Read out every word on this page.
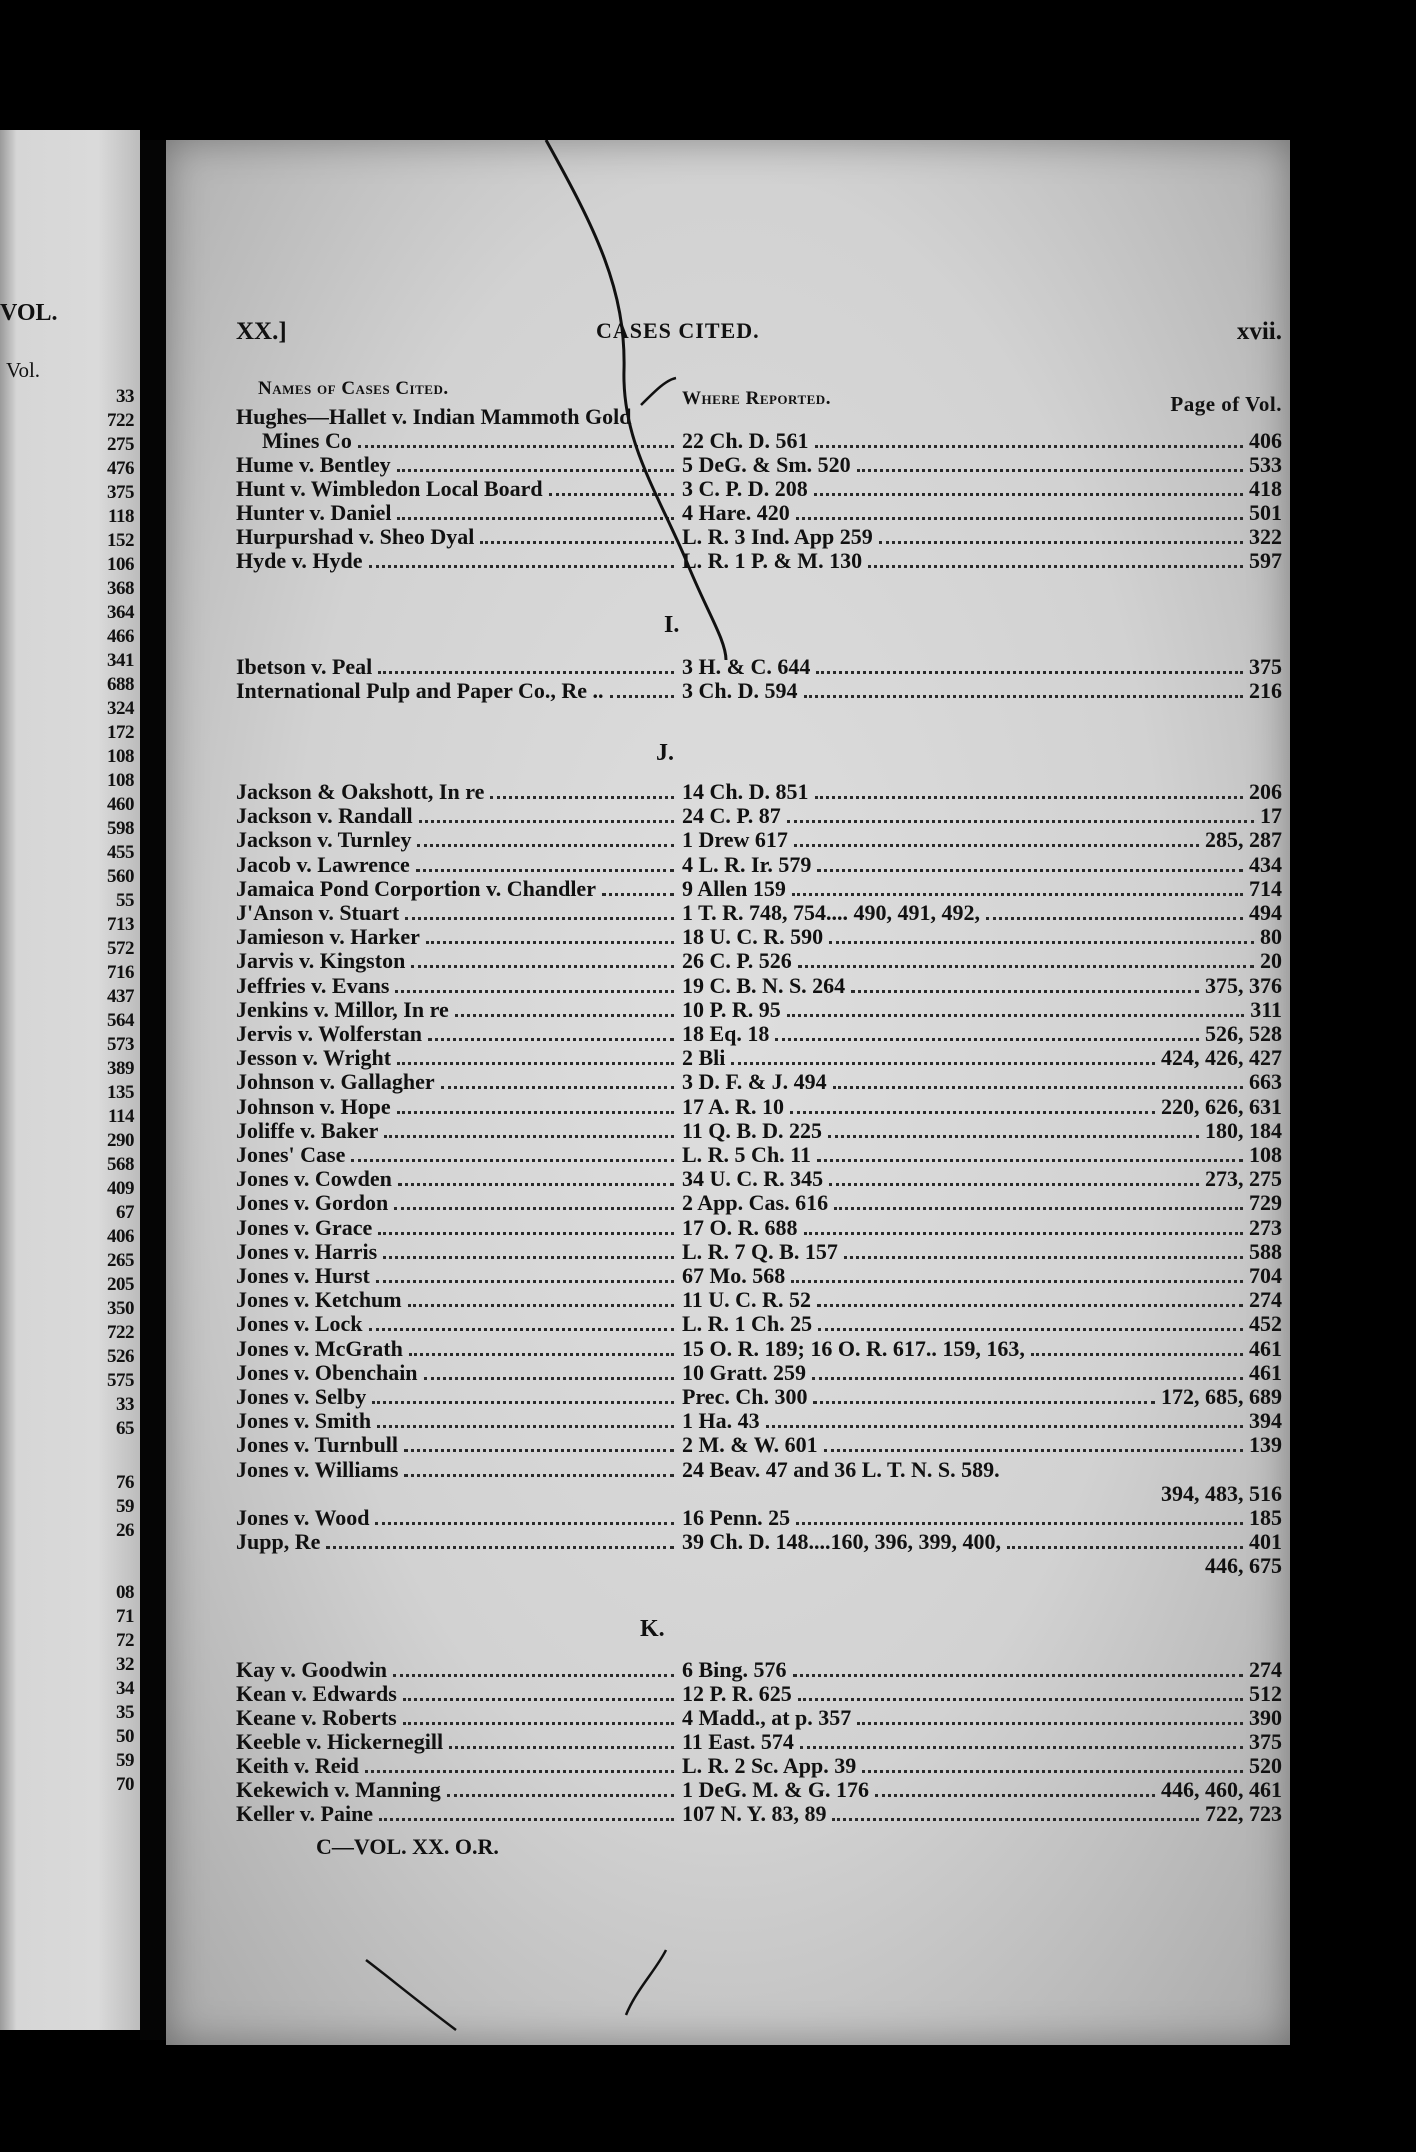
VOL.
Vol.
33
722
275
476
375
118
152
106
368
364
466
341
688
324
172
108
108
460
598
455
560
55
713
572
716
437
564
573
389
135
114
290
568
409
67
406
265
205
350
722
526
575
33
65
76
59
26
08
71
72
32
34
35
50
59
70
XX.]	CASES CITED.	xvii.
Names of Cases Cited.	Where Reported.	Page of Vol.
Hughes—Hallet v. Indian Mammoth Gold
Mines Co	22 Ch. D. 561	406
Hume v. Bentley	5 DeG. & Sm. 520	533
Hunt v. Wimbledon Local Board	3 C. P. D. 208	418
Hunter v. Daniel	4 Hare. 420	501
Hurpurshad v. Sheo Dyal	L. R. 3 Ind. App 259	322
Hyde v. Hyde	L. R. 1 P. & M. 130	597
I.
Ibetson v. Peal	3 H. & C. 644	375
International Pulp and Paper Co., Re ..	3 Ch. D. 594	216
J.
Jackson & Oakshott, In re	14 Ch. D. 851	206
Jackson v. Randall	24 C. P. 87	17
Jackson v. Turnley	1 Drew 617	285, 287
Jacob v. Lawrence	4 L. R. Ir. 579	434
Jamaica Pond Corportion v. Chandler	9 Allen 159	714
J'Anson v. Stuart	1 T. R. 748, 754.... 490, 491, 492,	494
Jamieson v. Harker	18 U. C. R. 590	80
Jarvis v. Kingston	26 C. P. 526	20
Jeffries v. Evans	19 C. B. N. S. 264	375, 376
Jenkins v. Millor, In re	10 P. R. 95	311
Jervis v. Wolferstan	18 Eq. 18	526, 528
Jesson v. Wright	2 Bli	424, 426, 427
Johnson v. Gallagher	3 D. F. & J. 494	663
Johnson v. Hope	17 A. R. 10	220, 626, 631
Joliffe v. Baker	11 Q. B. D. 225	180, 184
Jones' Case	L. R. 5 Ch. 11	108
Jones v. Cowden	34 U. C. R. 345	273, 275
Jones v. Gordon	2 App. Cas. 616	729
Jones v. Grace	17 O. R. 688	273
Jones v. Harris	L. R. 7 Q. B. 157	588
Jones v. Hurst	67 Mo. 568	704
Jones v. Ketchum	11 U. C. R. 52	274
Jones v. Lock	L. R. 1 Ch. 25	452
Jones v. McGrath	15 O. R. 189; 16 O. R. 617.. 159, 163,	461
Jones v. Obenchain	10 Gratt. 259	461
Jones v. Selby	Prec. Ch. 300	172, 685, 689
Jones v. Smith	1 Ha. 43	394
Jones v. Turnbull	2 M. & W. 601	139
Jones v. Williams	24 Beav. 47 and 36 L. T. N. S. 589.
394, 483, 516
Jones v. Wood	16 Penn. 25	185
Jupp, Re	39 Ch. D. 148....160, 396, 399, 400,	401
446, 675
K.
Kay v. Goodwin	6 Bing. 576	274
Kean v. Edwards	12 P. R. 625	512
Keane v. Roberts	4 Madd., at p. 357	390
Keeble v. Hickernegill	11 East. 574	375
Keith v. Reid	L. R. 2 Sc. App. 39	520
Kekewich v. Manning	1 DeG. M. & G. 176	446, 460, 461
Keller v. Paine	107 N. Y. 83, 89	722, 723
C—VOL. XX. O.R.
